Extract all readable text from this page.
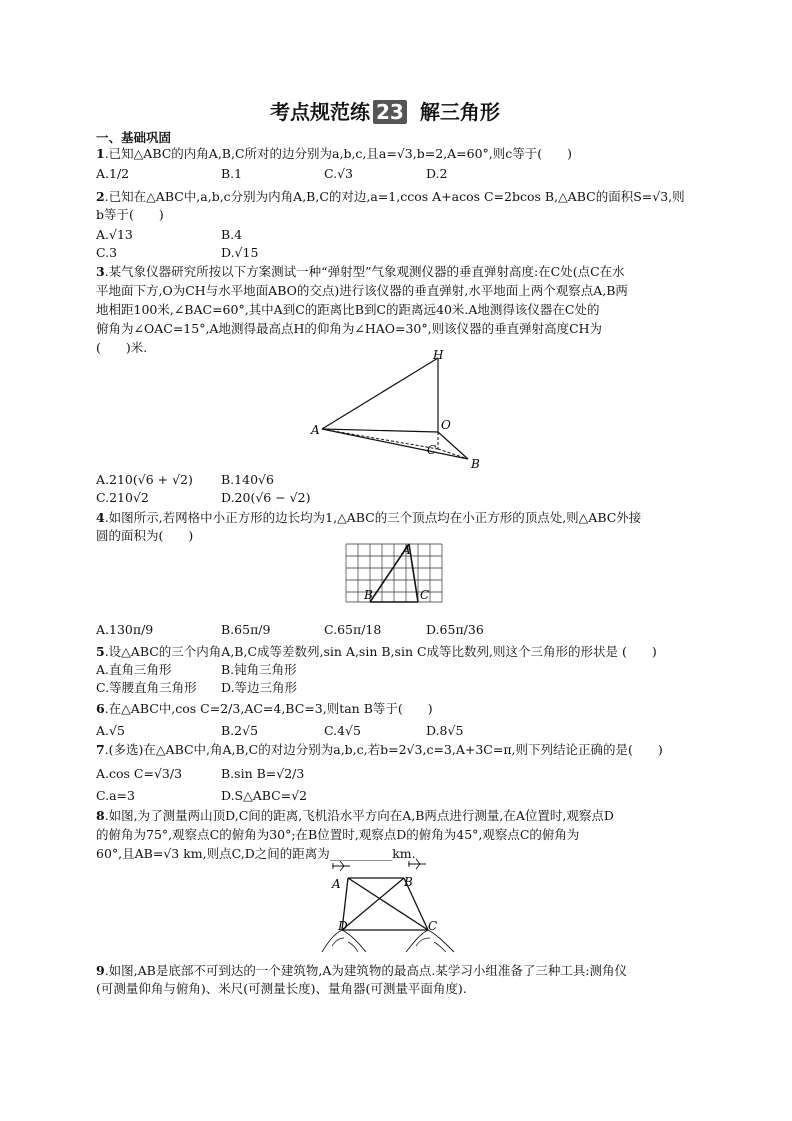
考点规范练 23 解三角形
一、基础巩固
1.已知△ABC的内角A,B,C所对的边分别为a,b,c,且a=√3,b=2,A=60°,则c等于(　　)
A.1/2	B.1	C.√3	D.2
2.已知在△ABC中,a,b,c分别为内角A,B,C的对边,a=1,ccos A+acos C=2bcos B,△ABC的面积S=√3,则
b等于(　　)
A.√13	B.4
C.3	D.√15
3.某气象仪器研究所按以下方案测试一种“弹射型”气象观测仪器的垂直弹射高度:在C处(点C在水
平地面下方,O为CH与水平地面ABO的交点)进行该仪器的垂直弹射,水平地面上两个观察点A,B两
地相距100米,∠BAC=60°,其中A到C的距离比B到C的距离远40米.A地测得该仪器在C处的
俯角为∠OAC=15°,A地测得最高点H的仰角为∠HAO=30°,则该仪器的垂直弹射高度CH为
(　　)米.	H
A	O
C
B
A.210(√6 + √2) B.140√6
C.210√2	D.20(√6 − √2)
4.如图所示,若网格中小正方形的边长均为1,△ABC的三个顶点均在小正方形的顶点处,则△ABC外接
圆的面积为(　　)
A
B	C
A.130π/9	B.65π/9	C.65π/18	D.65π/36
5.设△ABC的三个内角A,B,C成等差数列,sin A,sin B,sin C成等比数列,则这个三角形的形状是 (　　)
A.直角三角形	B.钝角三角形
C.等腰直角三角形 D.等边三角形
6.在△ABC中,cos C=2/3,AC=4,BC=3,则tan B等于(　　)
A.√5	B.2√5	C.4√5	D.8√5
7.(多选)在△ABC中,角A,B,C的对边分别为a,b,c,若b=2√3,c=3,A+3C=π,则下列结论正确的是(　　)
A.cos C=√3/3	B.sin B=√2/3
C.a=3	D.S△ABC=√2
8.如图,为了测量两山顶D,C间的距离,飞机沿水平方向在A,B两点进行测量,在A位置时,观察点D
的俯角为75°,观察点C的俯角为30°;在B位置时,观察点D的俯角为45°,观察点C的俯角为
60°,且AB=√3 km,则点C,D之间的距离为__________km.
A	B
D	C
9.如图,AB是底部不可到达的一个建筑物,A为建筑物的最高点.某学习小组准备了三种工具:测角仪
(可测量仰角与俯角)、米尺(可测量长度)、量角器(可测量平面角度).
